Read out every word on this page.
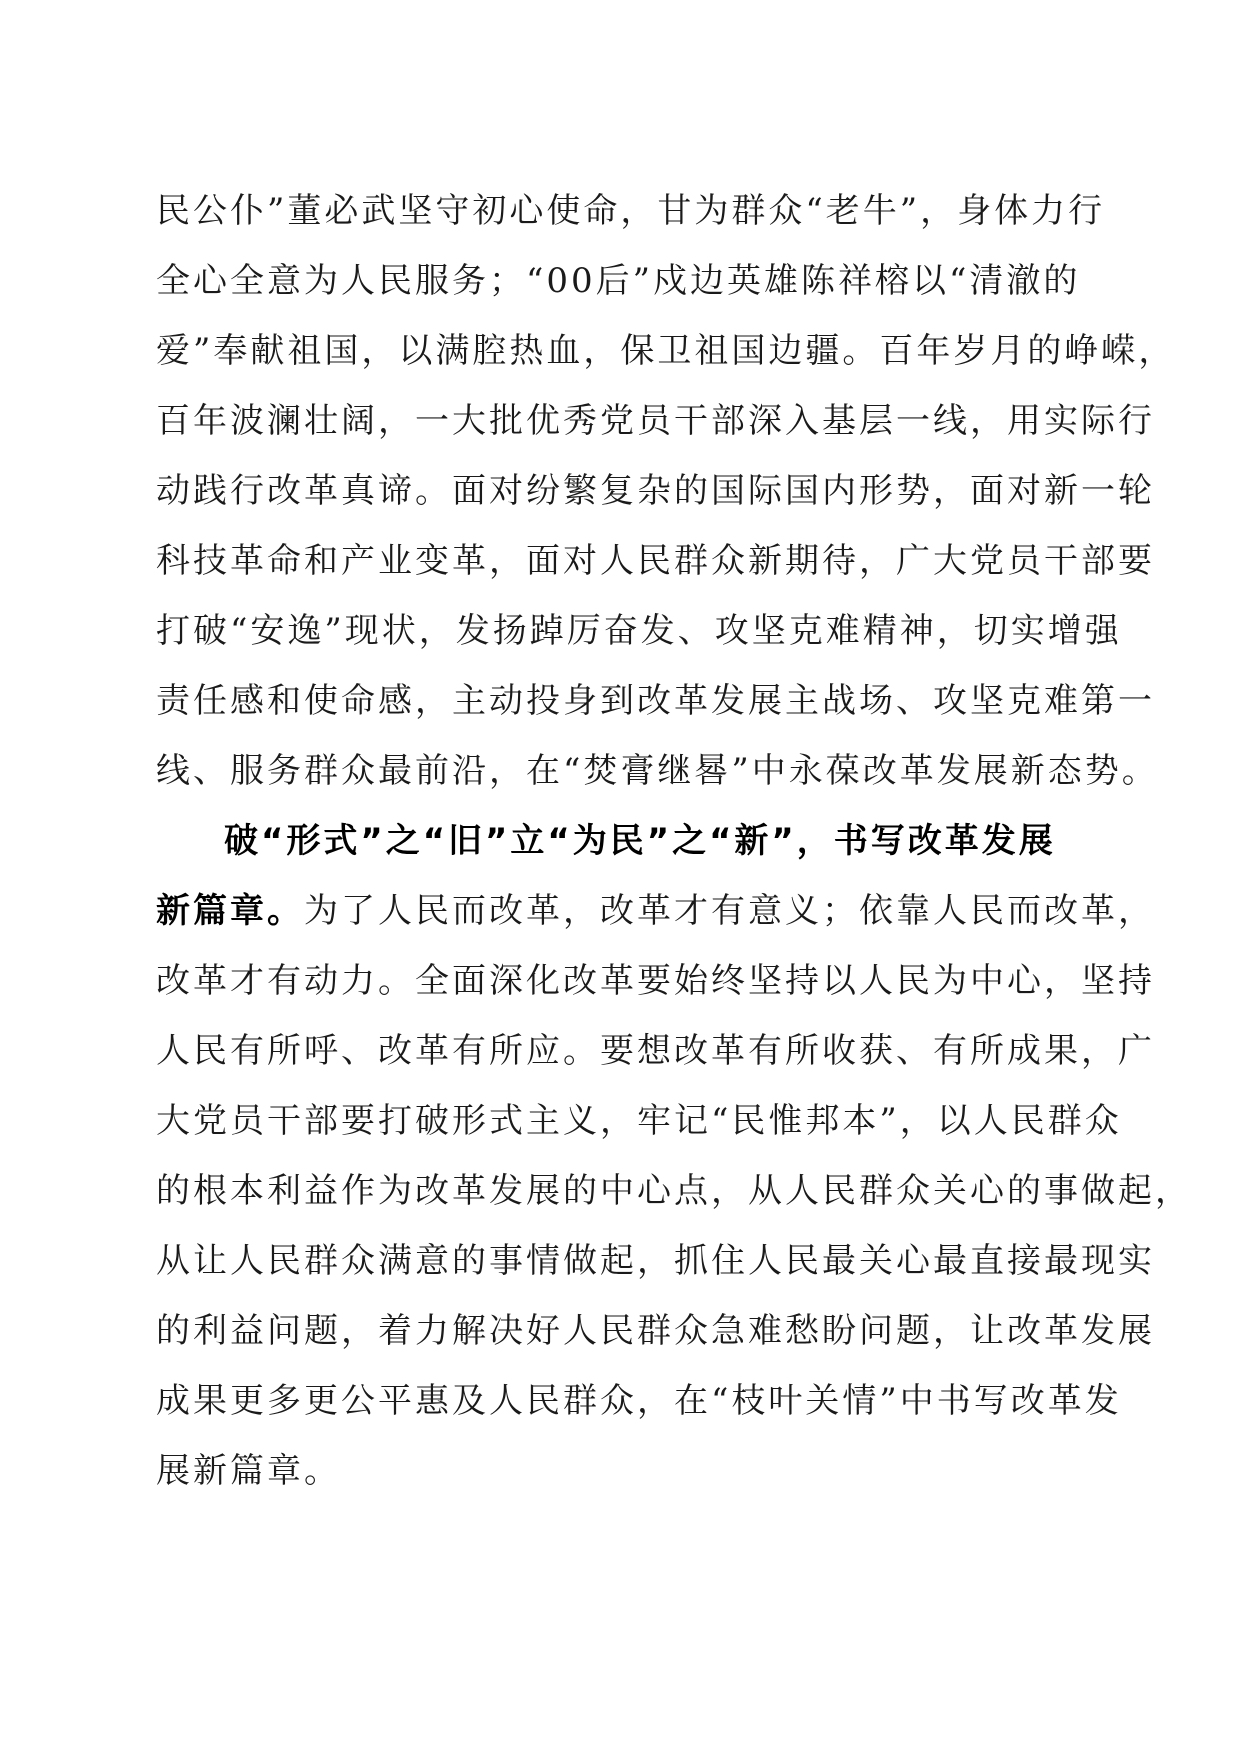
民公仆”董必武坚守初心使命，甘为群众“老牛”，身体力行
全心全意为人民服务；“00后”戍边英雄陈祥榕以“清澈的
爱”奉献祖国，以满腔热血，保卫祖国边疆。百年岁月的峥嵘，
百年波澜壮阔，一大批优秀党员干部深入基层一线，用实际行
动践行改革真谛。面对纷繁复杂的国际国内形势，面对新一轮
科技革命和产业变革，面对人民群众新期待，广大党员干部要
打破“安逸”现状，发扬踔厉奋发、攻坚克难精神，切实增强
责任感和使命感，主动投身到改革发展主战场、攻坚克难第一
线、服务群众最前沿，在“焚膏继晷”中永葆改革发展新态势。
破“形式”之“旧”立“为民”之“新”，书写改革发展
新篇章。为了人民而改革，改革才有意义；依靠人民而改革，
改革才有动力。全面深化改革要始终坚持以人民为中心，坚持
人民有所呼、改革有所应。要想改革有所收获、有所成果，广
大党员干部要打破形式主义，牢记“民惟邦本”，以人民群众
的根本利益作为改革发展的中心点，从人民群众关心的事做起，
从让人民群众满意的事情做起，抓住人民最关心最直接最现实
的利益问题，着力解决好人民群众急难愁盼问题，让改革发展
成果更多更公平惠及人民群众，在“枝叶关情”中书写改革发
展新篇章。
